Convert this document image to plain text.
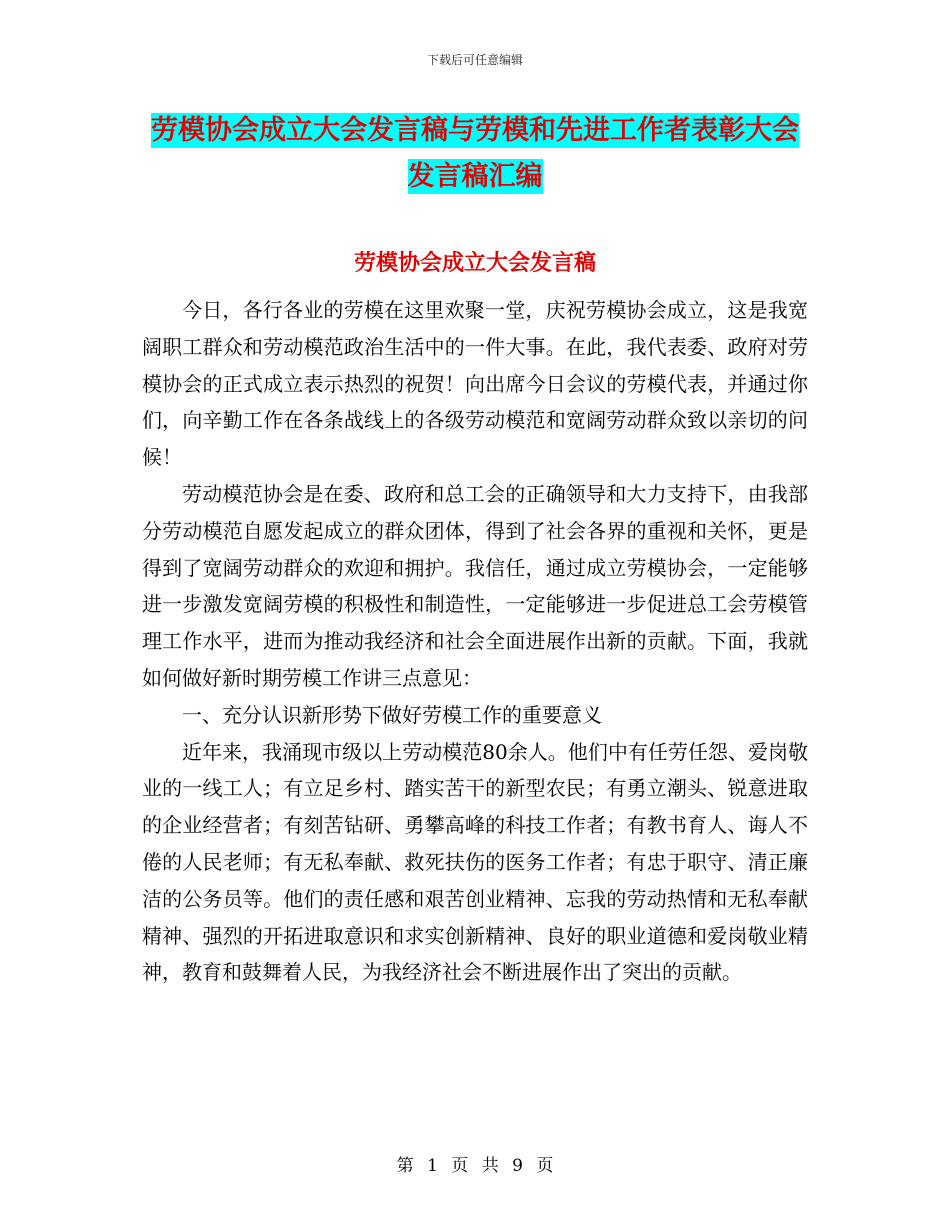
下载后可任意编辑
劳模协会成立大会发言稿与劳模和先进工作者表彰大会发言稿汇编
劳模协会成立大会发言稿

今日，各行各业的劳模在这里欢聚一堂，庆祝劳模协会成立，这是我宽阔职工群众和劳动模范政治生活中的一件大事。在此，我代表委、政府对劳模协会的正式成立表示热烈的祝贺！向出席今日会议的劳模代表，并通过你们，向辛勤工作在各条战线上的各级劳动模范和宽阔劳动群众致以亲切的问候！

劳动模范协会是在委、政府和总工会的正确领导和大力支持下，由我部分劳动模范自愿发起成立的群众团体，得到了社会各界的重视和关怀，更是得到了宽阔劳动群众的欢迎和拥护。我信任，通过成立劳模协会，一定能够进一步激发宽阔劳模的积极性和制造性，一定能够进一步促进总工会劳模管理工作水平，进而为推动我经济和社会全面进展作出新的贡献。下面，我就如何做好新时期劳模工作讲三点意见：

一、充分认识新形势下做好劳模工作的重要意义

近年来，我涌现市级以上劳动模范80余人。他们中有任劳任怨、爱岗敬业的一线工人；有立足乡村、踏实苦干的新型农民；有勇立潮头、锐意进取的企业经营者；有刻苦钻研、勇攀高峰的科技工作者；有教书育人、诲人不倦的人民老师；有无私奉献、救死扶伤的医务工作者；有忠于职守、清正廉洁的公务员等。他们的责任感和艰苦创业精神、忘我的劳动热情和无私奉献精神、强烈的开拓进取意识和求实创新精神、良好的职业道德和爱岗敬业精神，教育和鼓舞着人民，为我经济社会不断进展作出了突出的贡献。

第 1 页 共 9 页
